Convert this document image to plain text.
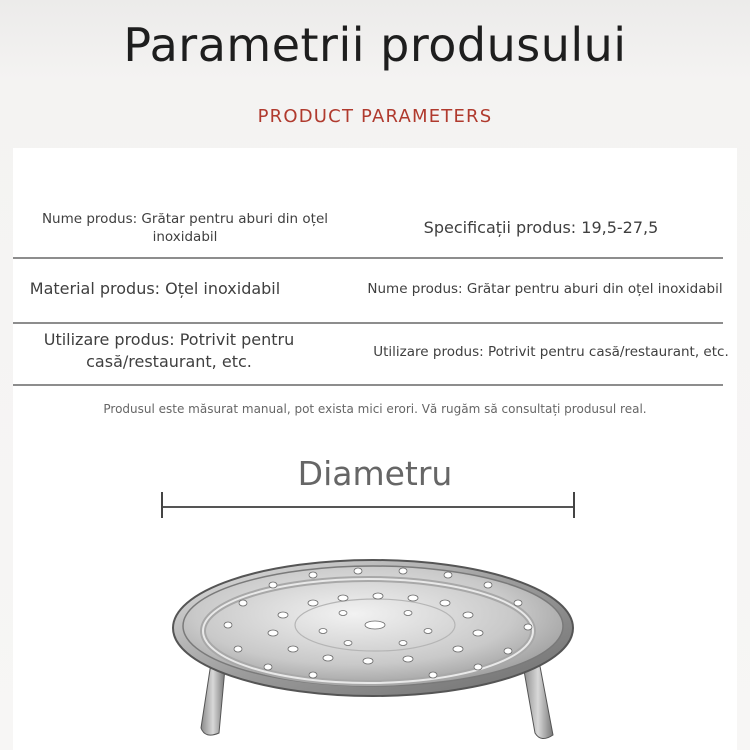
Parametrii produsului
PRODUCT PARAMETERS
Nume produs: Grătar pentru aburi din oțel inoxidabil	Specificații produs: 19,5-27,5
Material produs: Oțel inoxidabil	Nume produs: Grătar pentru aburi din oțel inoxidabil
Utilizare produs: Potrivit pentru casă/restaurant, etc.	Utilizare produs: Potrivit pentru casă/restaurant, etc.
Produsul este măsurat manual, pot exista mici erori. Vă rugăm să consultați produsul real.
Diametru
